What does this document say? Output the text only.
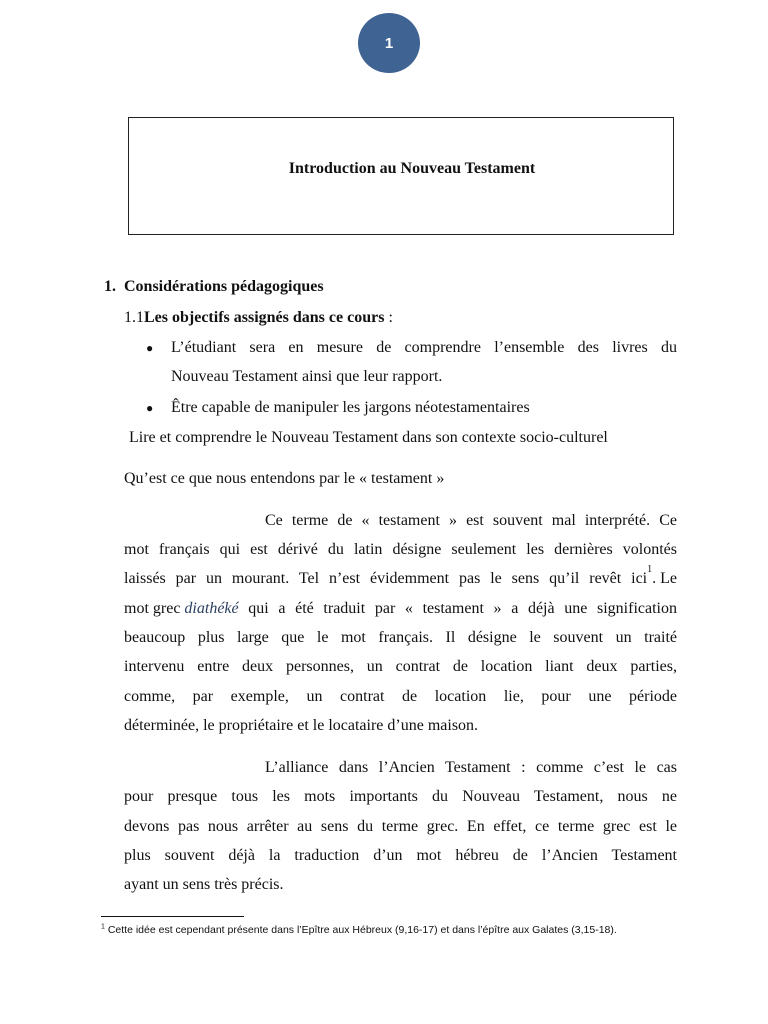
1
Introduction au Nouveau Testament
1. Considérations pédagogiques
1.1Les objectifs assignés dans ce cours :
● L’étudiant sera en mesure de comprendre l’ensemble des livres du
Nouveau Testament ainsi que leur rapport.
● Être capable de manipuler les jargons néotestamentaires
Lire et comprendre le Nouveau Testament dans son contexte socio-culturel
Qu’est ce que nous entendons par le « testament »
Ce terme de « testament » est souvent mal interprété. Ce
mot français qui est dérivé du latin désigne seulement les dernières volontés
laissés par un mourant. Tel n’est évidemment pas le sens qu’il revêt ici
1
. Le
mot grec diathéké qui a été traduit par « testament » a déjà une signification
beaucoup plus large que le mot français. Il désigne le souvent un traité
intervenu entre deux personnes, un contrat de location liant deux parties,
comme, par exemple, un contrat de location lie, pour une période
déterminée, le propriétaire et le locataire d’une maison.
L’alliance dans l’Ancien Testament : comme c’est le cas
pour presque tous les mots importants du Nouveau Testament, nous ne
devons pas nous arrêter au sens du terme grec. En effet, ce terme grec est le
plus souvent déjà la traduction d’un mot hébreu de l’Ancien Testament
ayant un sens très précis.
$^1$ Cette idée est cependant présente dans l’Epître aux Hébreux (9,16-17) et dans l’épître aux Galates (3,15-18).
